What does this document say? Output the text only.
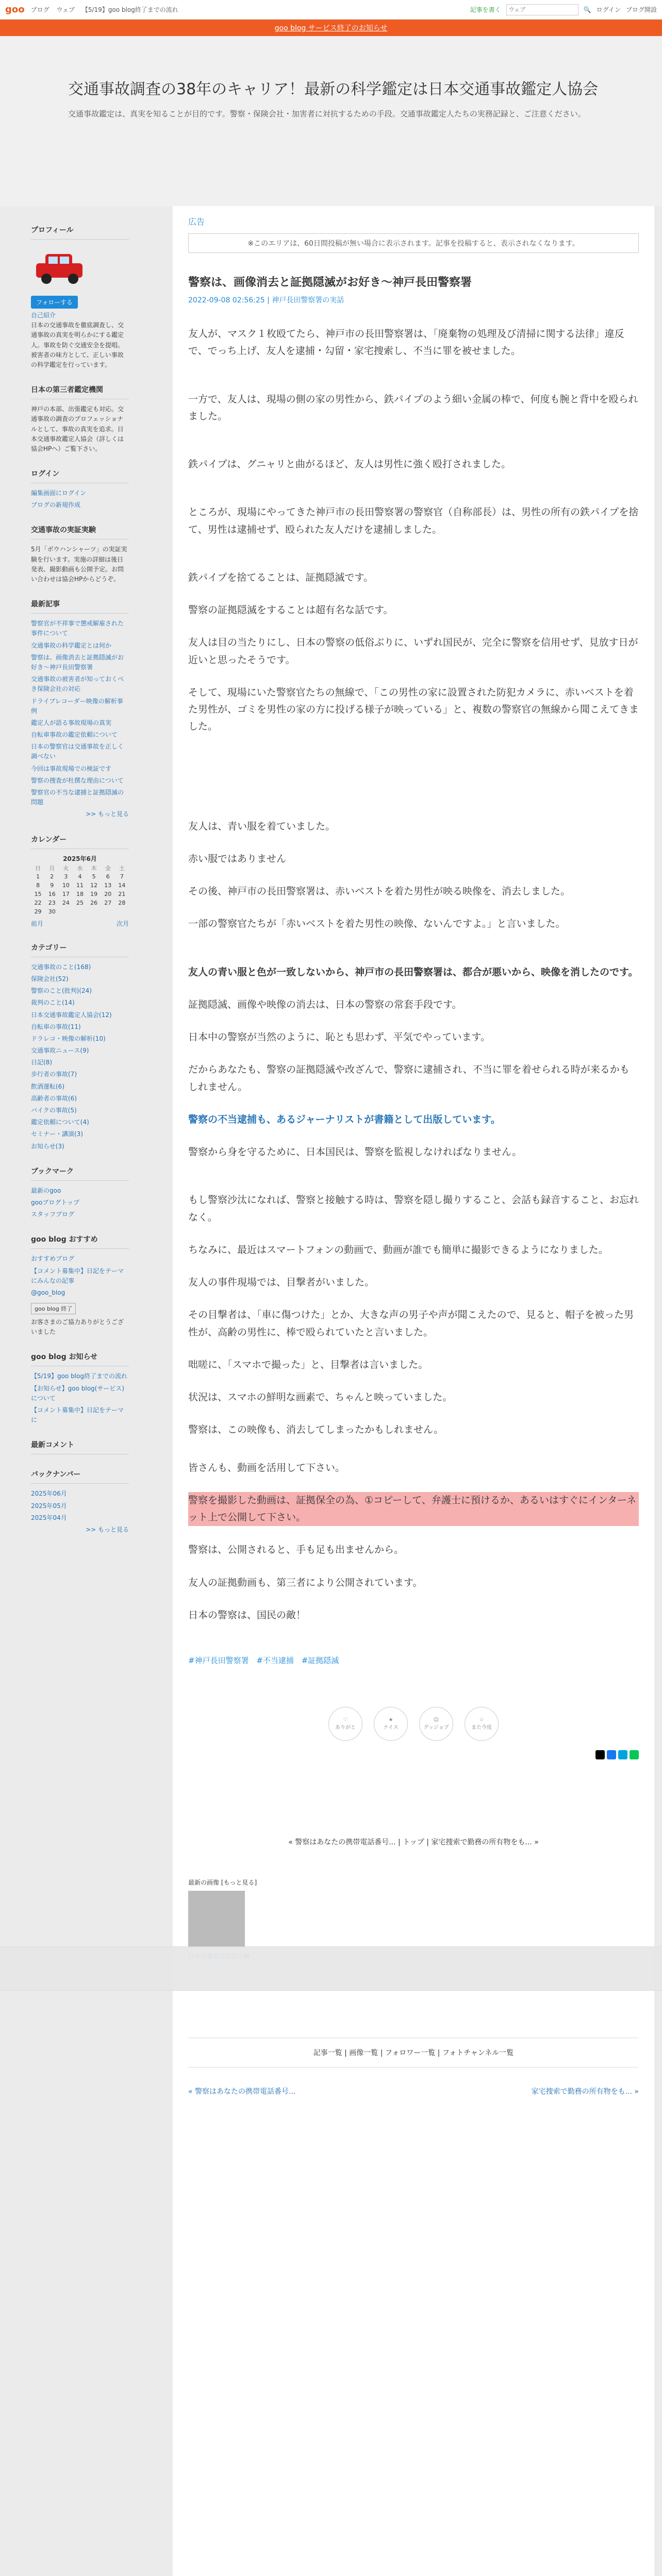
goo ブログ ウェブ 【5/19】goo blog終了までの流れ	記事を書く
ウェブ	🔍 ログイン ブログ開設
goo blog サービス終了のお知らせ
交通事故調査の38年のキャリア！最新の科学鑑定は日本交通事故鑑定人協会

交通事故鑑定は、真実を知ることが目的です。警察・保険会社・加害者に対抗するための手段。交通事故鑑定人たちの実務記録と、ご注意ください。

プロフィール
フォローする

自己紹介

日本の交通事故を徹底調査し、交通事故の真実を明らかにする鑑定人。事故を防ぐ交通安全を提唱。被害者の味方として、正しい事故の科学鑑定を行っています。

日本の第三者鑑定機関

神戸の本部、出張鑑定も対応。交通事故の調査のプロフェッショナルとして、事故の真実を追求。日本交通事故鑑定人協会（詳しくは協会HPへ）ご覧下さい。

ログイン
編集画面にログイン
ブログの新規作成
交通事故の実証実験

5月「ボウハンシャーツ」の実証実験を行います。実施の詳細は後日発表、撮影動画も公開予定。お問い合わせは協会HPからどうぞ。

最新記事
警察官が不祥事で懲戒解雇された事件について
交通事故の科学鑑定とは何か
警察は、画像消去と証拠隠滅がお好き〜神戸長田警察署
交通事故の被害者が知っておくべき保険会社の対応
ドライブレコーダー映像の解析事例
鑑定人が語る事故現場の真実
自転車事故の鑑定依頼について
日本の警察官は交通事故を正しく調べない
今回は事故現場での検証です
警察の捜査が杜撰な理由について
警察官の不当な逮捕と証拠隠滅の問題

>> もっと見る

カレンダー

2025年6月

日	月	火	水	木	金	土
1	2	3	4	5	6	7
8	9	10	11	12	13	14
15	16	17	18	19	20	21
22	23	24	25	26	27	28
29	30					
前月	次月
カテゴリー
交通事故のこと(168)
保険会社(52)
警察のこと(批判)(24)
裁判のこと(14)
日本交通事故鑑定人協会(12)
自転車の事故(11)
ドラレコ・映像の解析(10)
交通事故ニュース(9)
日記(8)
歩行者の事故(7)
飲酒運転(6)
高齢者の事故(6)
バイクの事故(5)
鑑定依頼について(4)
セミナー・講演(3)
お知らせ(3)
ブックマーク
最新のgoo
gooブログトップ
スタッフブログ
goo blog おすすめ
おすすめブログ
【コメント募集中】日記をテーマにみんなの記事
@goo_blog
goo blog 終了

お客さまのご協力ありがとうございました

goo blog お知らせ
【5/19】goo blog終了までの流れ
【お知らせ】goo blog(サービス)について
【コメント募集中】日記をテーマに
最新コメント
バックナンバー
2025年06月
2025年05月
2025年04月

>> もっと見る

広告
※このエリアは、60日間投稿が無い場合に表示されます。記事を投稿すると、表示されなくなります。
警察は、画像消去と証拠隠滅がお好き〜神戸長田警察署
2022-09-08 02:56:25 | 神戸長田警察署の実話

友人が、マスク１枚殴てたら、神戸市の長田警察署は、「廃棄物の処理及び清掃に関する法律」違反で、でっち上げ、友人を逮捕・勾留・家宅捜索し、不当に罪を被せました。

一方で、友人は、現場の側の家の男性から、鉄パイプのよう細い金属の棒で、何度も腕と背中を殴られました。

鉄パイプは、グニャリと曲がるほど、友人は男性に強く殴打されました。

ところが、現場にやってきた神戸市の長田警察署の警察官（自称部長）は、男性の所有の鉄パイプを捨て、男性は逮捕せず、殴られた友人だけを逮捕しました。

鉄パイプを捨てることは、証拠隠滅です。

警察の証拠隠滅をすることは超有名な話です。

友人は目の当たりにし、日本の警察の低俗ぶりに、いずれ国民が、完全に警察を信用せず、見放す日が近いと思ったそうです。

そして、現場にいた警察官たちの無線で、「この男性の家に設置された防犯カメラに、赤いベストを着た男性が、ゴミを男性の家の方に投げる様子が映っている」と、複数の警察官の無線から聞こえてきました。

友人は、青い服を着ていました。

赤い服ではありません

その後、神戸市の長田警察署は、赤いベストを着た男性が映る映像を、消去しました。

一部の警察官たちが「赤いベストを着た男性の映像、ないんですよ。」と言いました。

友人の青い服と色が一致しないから、神戸市の長田警察署は、都合が悪いから、映像を消したのです。

証拠隠滅、画像や映像の消去は、日本の警察の常套手段です。

日本中の警察が当然のように、恥とも思わず、平気でやっています。

だからあなたも、警察の証拠隠滅や改ざんで、警察に逮捕され、不当に罪を着せられる時が来るかもしれません。

警察の不当逮捕も、あるジャーナリストが書籍として出版しています。

警察から身を守るために、日本国民は、警察を監視しなければなりません。

もし警察沙汰になれば、警察と接触する時は、警察を隠し撮りすること、会話も録音すること、お忘れなく。

ちなみに、最近はスマートフォンの動画で、動画が誰でも簡単に撮影できるようになりました。

友人の事件現場では、目撃者がいました。

その目撃者は、「車に傷つけた」とか、大きな声の男子や声が聞こえたので、見ると、帽子を被った男性が、高齢の男性に、棒で殴られていたと言いました。

咄嗟に、「スマホで撮った」と、目撃者は言いました。

状況は、スマホの鮮明な画素で、ちゃんと映っていました。

警察は、この映像も、消去してしまったかもしれません。

皆さんも、動画を活用して下さい。

警察を撮影した動画は、証拠保全の為、①コピーして、弁護士に預けるか、あるいはすぐにインターネット上で公開して下さい。

警察は、公開されると、手も足も出ませんから。

友人の証拠動画も、第三者により公開されています。

日本の警察は、国民の敵！

#神戸長田警察署 #不当逮捕 #証拠隠滅
♡
ありがと
★
ナイス
☺
グッジョブ
☆
また今度
« 警察はあなたの携帯電話番号... | トップ | 家宅捜索で勤務の所有物をも... »
最新の画像 [もっと見る]
記事一覧 | 画像一覧 | フォロワー一覧 | フォトチャンネル一覧
« 警察はあなたの携帯電話番号...	家宅捜索で勤務の所有物をも... »
